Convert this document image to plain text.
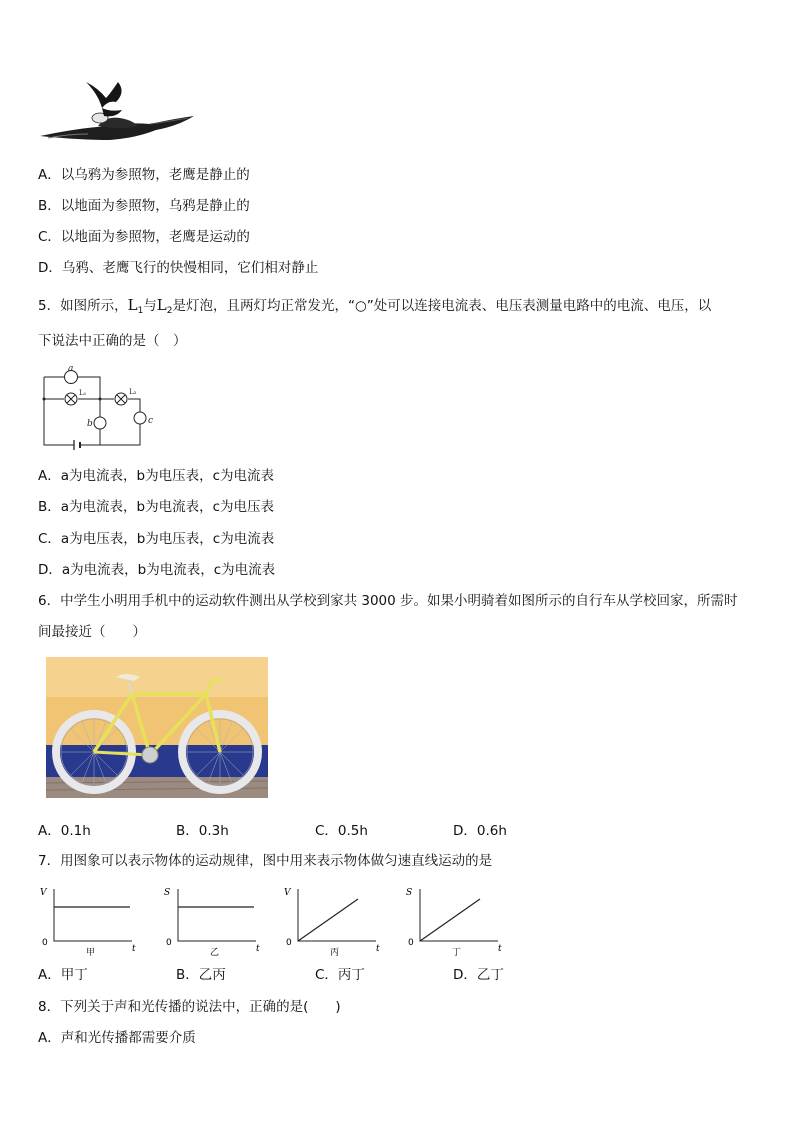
A．以乌鸦为参照物，老鹰是静止的
B．以地面为参照物，乌鸦是静止的
C．以地面为参照物，老鹰是运动的
D．乌鸦、老鹰飞行的快慢相同，它们相对静止
5．如图所示，$L_1$与$L_2$是灯泡，且两灯均正常发光，“○”处可以连接电流表、电压表测量电路中的电流、电压，以
下说法中正确的是（　）
a
L₁	L₂
b	c
A．a为电流表，b为电压表，c为电流表
B．a为电流表，b为电流表，c为电压表
C．a为电压表，b为电压表，c为电流表
D．a为电流表，b为电流表，c为电流表
6．中学生小明用手机中的运动软件测出从学校到家共 3000 步。如果小明骑着如图所示的自行车从学校回家，所需时
间最接近（　　）
A．0.1h	B．0.3h	C．0.5h	D．0.6h
7．用图象可以表示物体的运动规律，图中用来表示物体做匀速直线运动的是
V
0
t
甲
S
0
t
乙
V
0
t
丙
S
0
t
丁
A．甲丁	B．乙丙	C．丙丁	D．乙丁
8．下列关于声和光传播的说法中，正确的是(　　)
A．声和光传播都需要介质
